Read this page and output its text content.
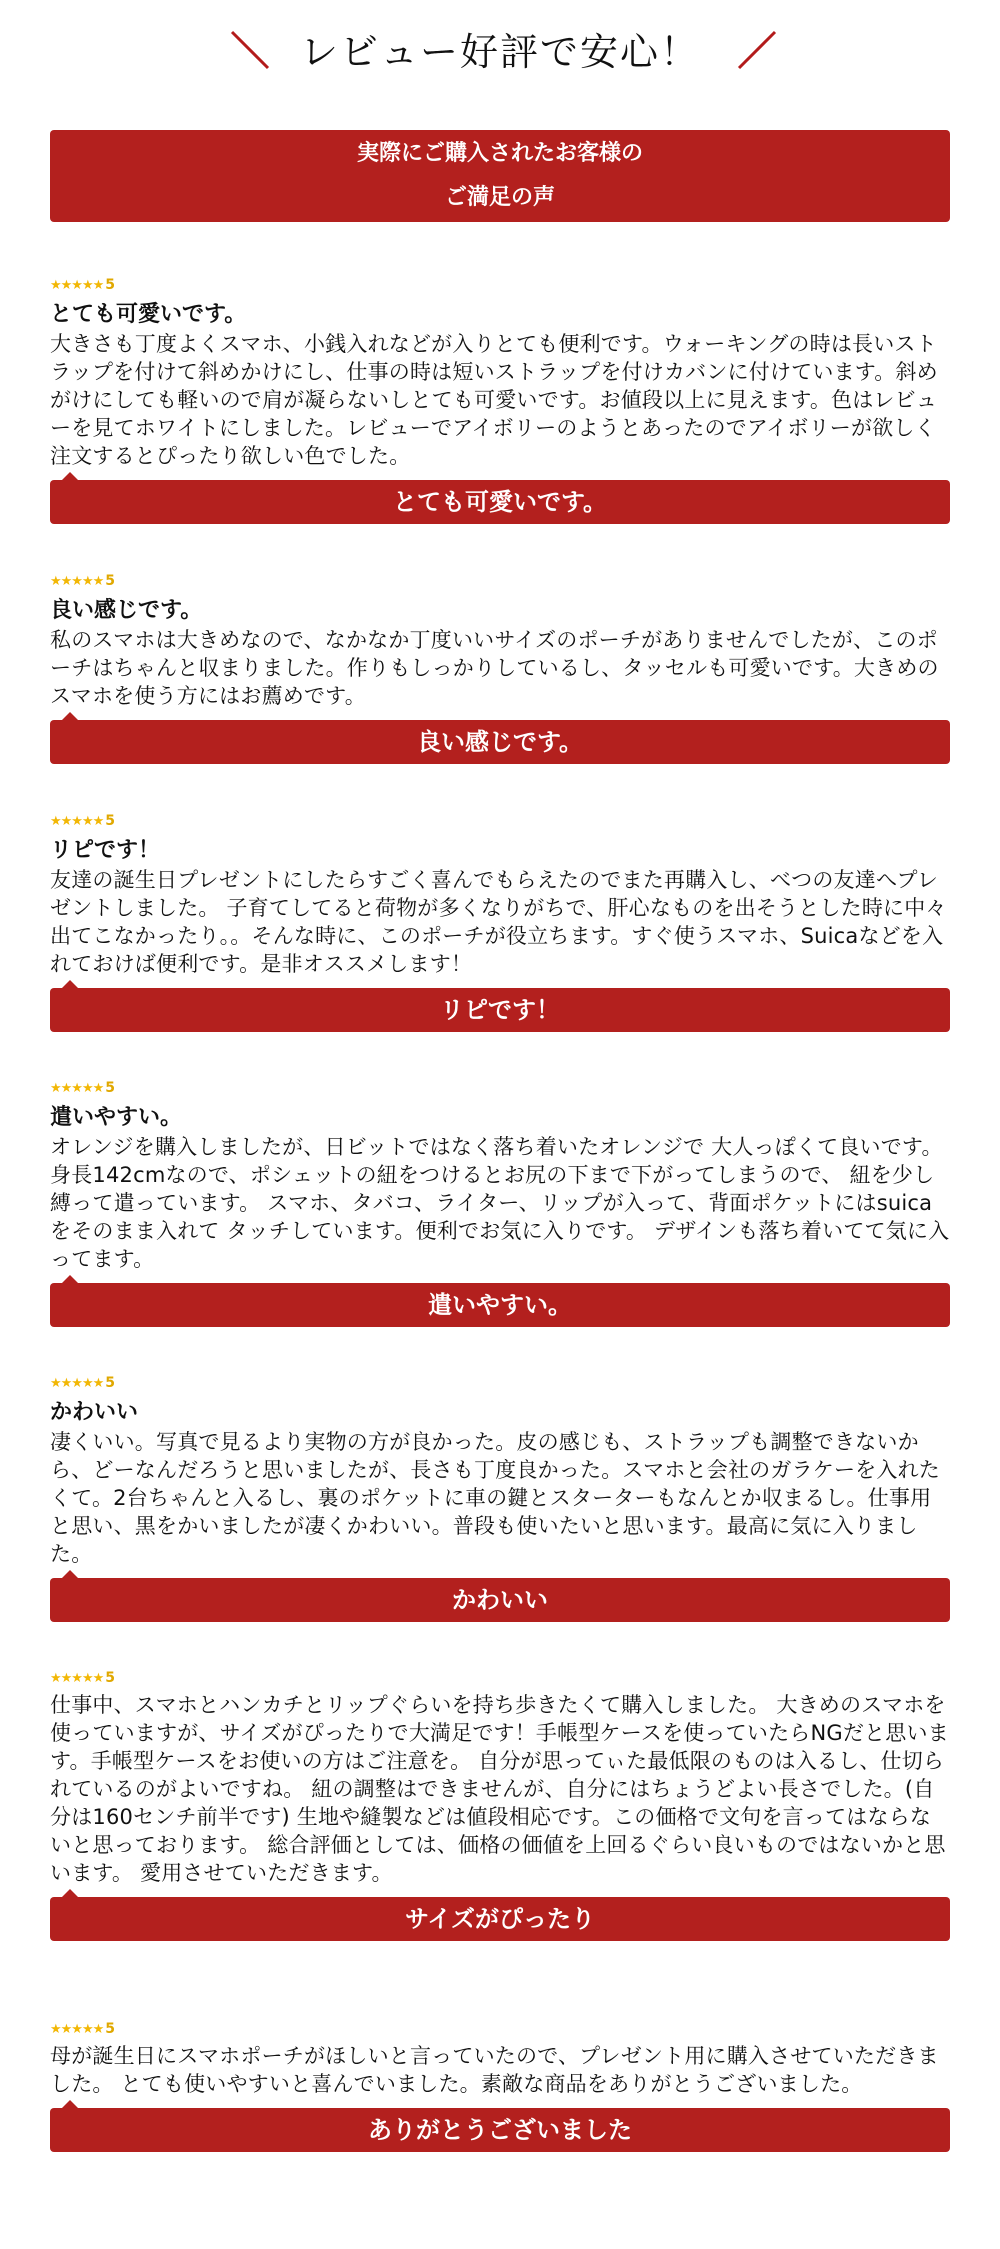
レビュー好評で安心！
実際にご購入されたお客様の
ご満足の声
★★★★★ 5
とても可愛いです。
大きさも丁度よくスマホ、小銭入れなどが入りとても便利です。ウォーキングの時は長いストラップを付けて斜めかけにし、仕事の時は短いストラップを付けカバンに付けています。斜めがけにしても軽いので肩が凝らないしとても可愛いです。お値段以上に見えます。色はレビューを見てホワイトにしました。レビューでアイボリーのようとあったのでアイボリーが欲しく注文するとぴったり欲しい色でした。
とても可愛いです。
★★★★★ 5
良い感じです。
私のスマホは大きめなので、なかなか丁度いいサイズのポーチがありませんでしたが、このポーチはちゃんと収まりました。作りもしっかりしているし、タッセルも可愛いです。大きめのスマホを使う方にはお薦めです。
良い感じです。
★★★★★ 5
リピです！
友達の誕生日プレゼントにしたらすごく喜んでもらえたのでまた再購入し、べつの友達へプレゼントしました。 子育てしてると荷物が多くなりがちで、肝心なものを出そうとした時に中々出てこなかったり。。そんな時に、このポーチが役立ちます。すぐ使うスマホ、Suicaなどを入れておけば便利です。是非オススメします！
リピです！
★★★★★ 5
遣いやすい。
オレンジを購入しましたが、日ビットではなく落ち着いたオレンジで 大人っぽくて良いです。 身長142cmなので、ポシェットの紐をつけるとお尻の下まで下がってしまうので、 紐を少し縛って遣っています。 スマホ、タバコ、ライター、リップが入って、背面ポケットにはsuicaをそのまま入れて タッチしています。便利でお気に入りです。 デザインも落ち着いてて気に入ってます。
遣いやすい。
★★★★★ 5
かわいい
凄くいい。写真で見るより実物の方が良かった。皮の感じも、ストラップも調整できないから、どーなんだろうと思いましたが、長さも丁度良かった。スマホと会社のガラケーを入れたくて。2台ちゃんと入るし、裏のポケットに車の鍵とスターターもなんとか収まるし。仕事用と思い、黒をかいましたが凄くかわいい。普段も使いたいと思います。最高に気に入りました。
かわいい
★★★★★ 5
仕事中、スマホとハンカチとリップぐらいを持ち歩きたくて購入しました。 大きめのスマホを使っていますが、サイズがぴったりで大満足です！手帳型ケースを使っていたらNGだと思います。手帳型ケースをお使いの方はご注意を。 自分が思ってぃた最低限のものは入るし、仕切られているのがよいですね。 紐の調整はできませんが、自分にはちょうどよい長さでした。(自分は160センチ前半です) 生地や縫製などは値段相応です。この価格で文句を言ってはならないと思っております。 総合評価としては、価格の価値を上回るぐらい良いものではないかと思います。 愛用させていただきます。
サイズがぴったり
★★★★★ 5
母が誕生日にスマホポーチがほしいと言っていたので、プレゼント用に購入させていただきました。 とても使いやすいと喜んでいました。素敵な商品をありがとうございました。
ありがとうございました
